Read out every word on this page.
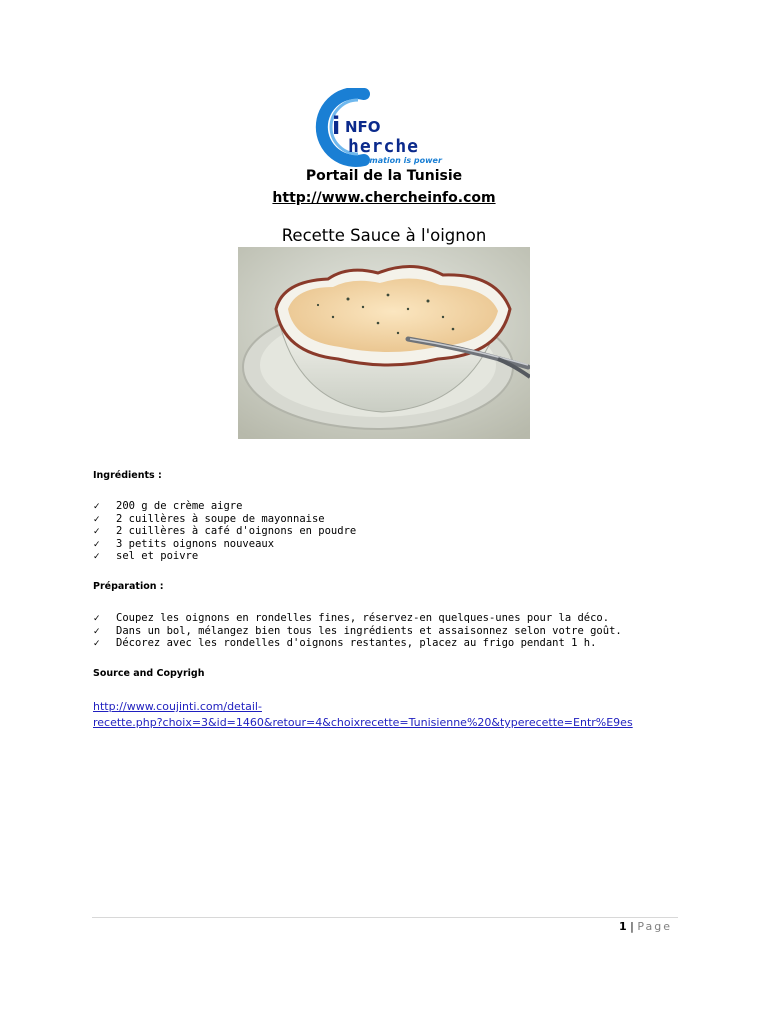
i NFO
herche
information is power
Portail de la Tunisie
http://www.chercheinfo.com
Recette Sauce à l'oignon
Ingrédients :
✓ 200 g de crème aigre
✓ 2 cuillères à soupe de mayonnaise
✓ 2 cuillères à café d'oignons en poudre
✓ 3 petits oignons nouveaux
✓ sel et poivre
Préparation :
✓ Coupez les oignons en rondelles fines, réservez-en quelques-unes pour la déco.
✓ Dans un bol, mélangez bien tous les ingrédients et assaisonnez selon votre goût.
✓ Décorez avec les rondelles d'oignons restantes, placez au frigo pendant 1 h.
Source and Copyrigh
http://www.coujinti.com/detail-
recette.php?choix=3&id=1460&retour=4&choixrecette=Tunisienne%20&typerecette=Entr%E9es
1 | Page
